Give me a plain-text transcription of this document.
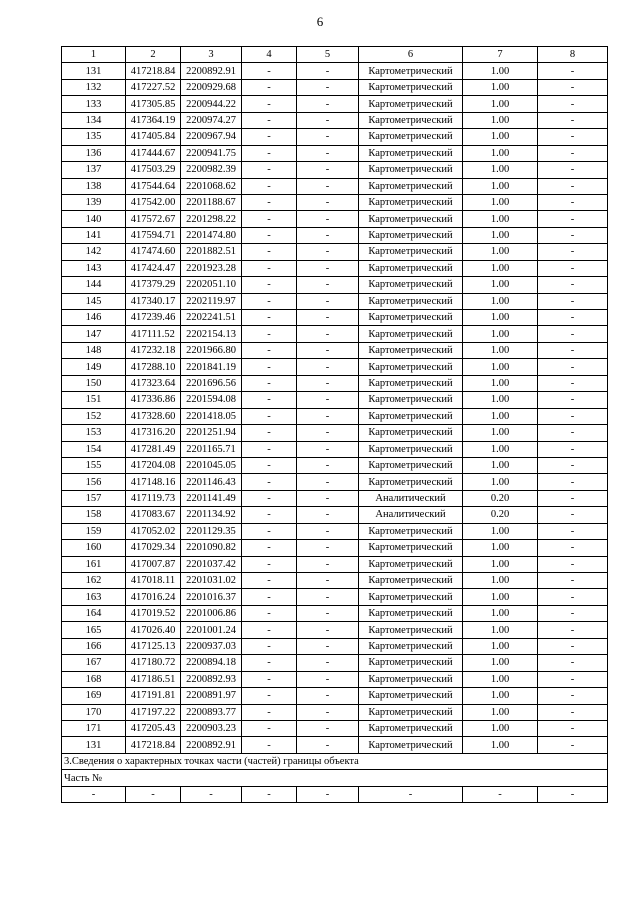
6
1	2	3	4	5	6	7	8
131	417218.84	2200892.91	-	-	Картометрический	1.00	-
132	417227.52	2200929.68	-	-	Картометрический	1.00	-
133	417305.85	2200944.22	-	-	Картометрический	1.00	-
134	417364.19	2200974.27	-	-	Картометрический	1.00	-
135	417405.84	2200967.94	-	-	Картометрический	1.00	-
136	417444.67	2200941.75	-	-	Картометрический	1.00	-
137	417503.29	2200982.39	-	-	Картометрический	1.00	-
138	417544.64	2201068.62	-	-	Картометрический	1.00	-
139	417542.00	2201188.67	-	-	Картометрический	1.00	-
140	417572.67	2201298.22	-	-	Картометрический	1.00	-
141	417594.71	2201474.80	-	-	Картометрический	1.00	-
142	417474.60	2201882.51	-	-	Картометрический	1.00	-
143	417424.47	2201923.28	-	-	Картометрический	1.00	-
144	417379.29	2202051.10	-	-	Картометрический	1.00	-
145	417340.17	2202119.97	-	-	Картометрический	1.00	-
146	417239.46	2202241.51	-	-	Картометрический	1.00	-
147	417111.52	2202154.13	-	-	Картометрический	1.00	-
148	417232.18	2201966.80	-	-	Картометрический	1.00	-
149	417288.10	2201841.19	-	-	Картометрический	1.00	-
150	417323.64	2201696.56	-	-	Картометрический	1.00	-
151	417336.86	2201594.08	-	-	Картометрический	1.00	-
152	417328.60	2201418.05	-	-	Картометрический	1.00	-
153	417316.20	2201251.94	-	-	Картометрический	1.00	-
154	417281.49	2201165.71	-	-	Картометрический	1.00	-
155	417204.08	2201045.05	-	-	Картометрический	1.00	-
156	417148.16	2201146.43	-	-	Картометрический	1.00	-
157	417119.73	2201141.49	-	-	Аналитический	0.20	-
158	417083.67	2201134.92	-	-	Аналитический	0.20	-
159	417052.02	2201129.35	-	-	Картометрический	1.00	-
160	417029.34	2201090.82	-	-	Картометрический	1.00	-
161	417007.87	2201037.42	-	-	Картометрический	1.00	-
162	417018.11	2201031.02	-	-	Картометрический	1.00	-
163	417016.24	2201016.37	-	-	Картометрический	1.00	-
164	417019.52	2201006.86	-	-	Картометрический	1.00	-
165	417026.40	2201001.24	-	-	Картометрический	1.00	-
166	417125.13	2200937.03	-	-	Картометрический	1.00	-
167	417180.72	2200894.18	-	-	Картометрический	1.00	-
168	417186.51	2200892.93	-	-	Картометрический	1.00	-
169	417191.81	2200891.97	-	-	Картометрический	1.00	-
170	417197.22	2200893.77	-	-	Картометрический	1.00	-
171	417205.43	2200903.23	-	-	Картометрический	1.00	-
131	417218.84	2200892.91	-	-	Картометрический	1.00	-
3.Сведения о характерных точках части (частей) границы объекта							
Часть №							
-	-	-	-	-	-	-	-
